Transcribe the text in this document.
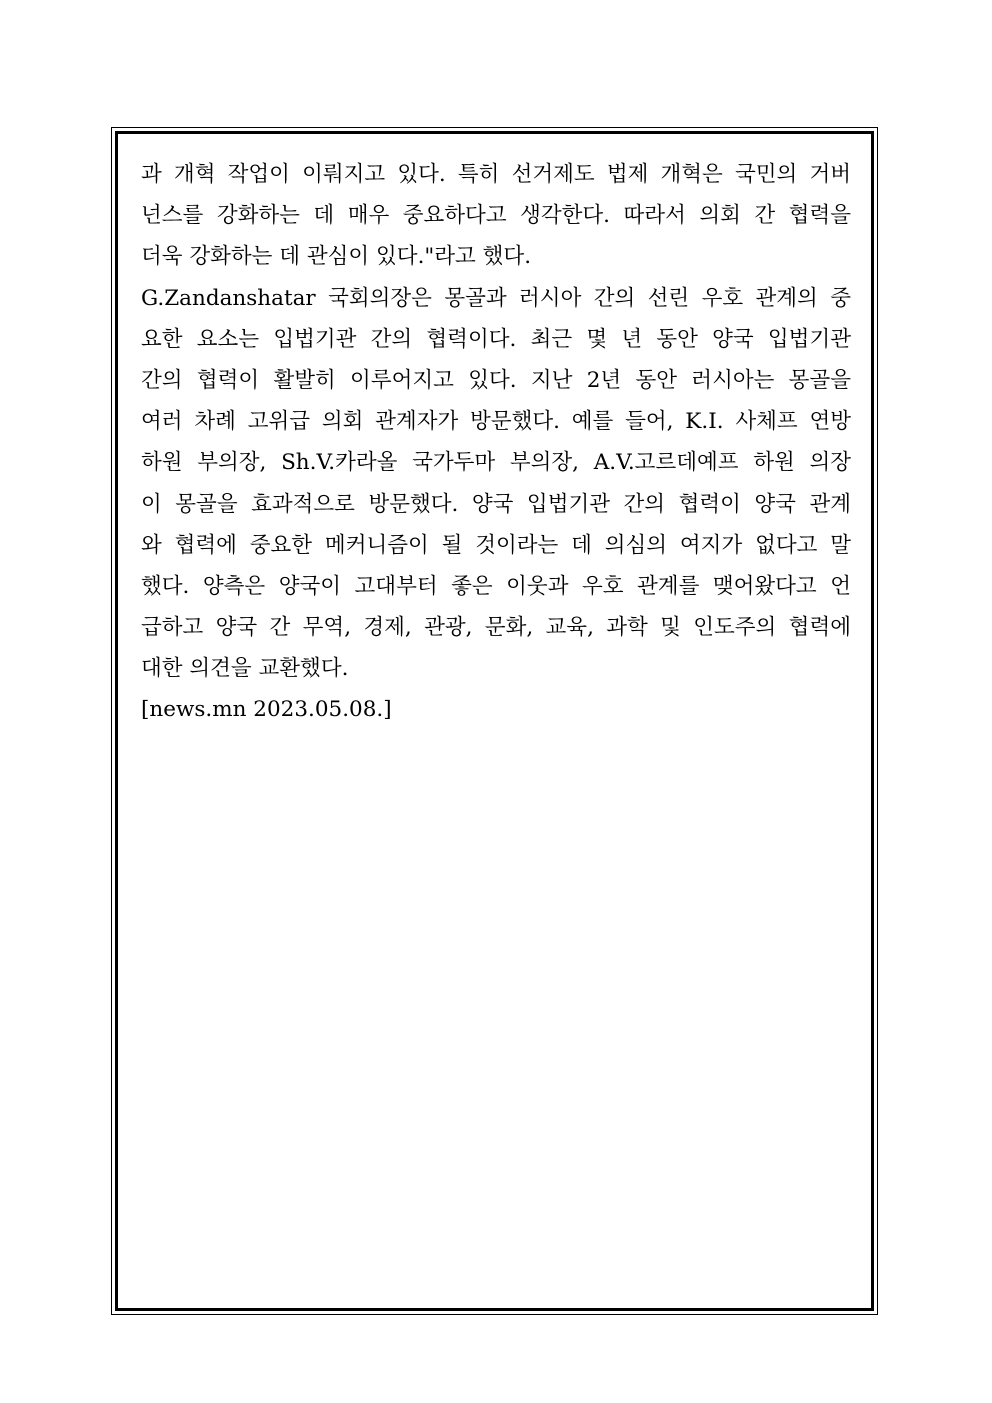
과 개혁 작업이 이뤄지고 있다. 특히 선거제도 법제 개혁은 국민의 거버
넌스를 강화하는 데 매우 중요하다고 생각한다. 따라서 의회 간 협력을
더욱 강화하는 데 관심이 있다."라고 했다.
G.Zandanshatar 국회의장은 몽골과 러시아 간의 선린 우호 관계의 중
요한 요소는 입법기관 간의 협력이다. 최근 몇 년 동안 양국 입법기관
간의 협력이 활발히 이루어지고 있다. 지난 2년 동안 러시아는 몽골을
여러 차례 고위급 의회 관계자가 방문했다. 예를 들어, K.I. 사체프 연방
하원 부의장, Sh.V.카라올 국가두마 부의장, A.V.고르데예프 하원 의장
이 몽골을 효과적으로 방문했다. 양국 입법기관 간의 협력이 양국 관계
와 협력에 중요한 메커니즘이 될 것이라는 데 의심의 여지가 없다고 말
했다. 양측은 양국이 고대부터 좋은 이웃과 우호 관계를 맺어왔다고 언
급하고 양국 간 무역, 경제, 관광, 문화, 교육, 과학 및 인도주의 협력에
대한 의견을 교환했다.
[news.mn 2023.05.08.]
